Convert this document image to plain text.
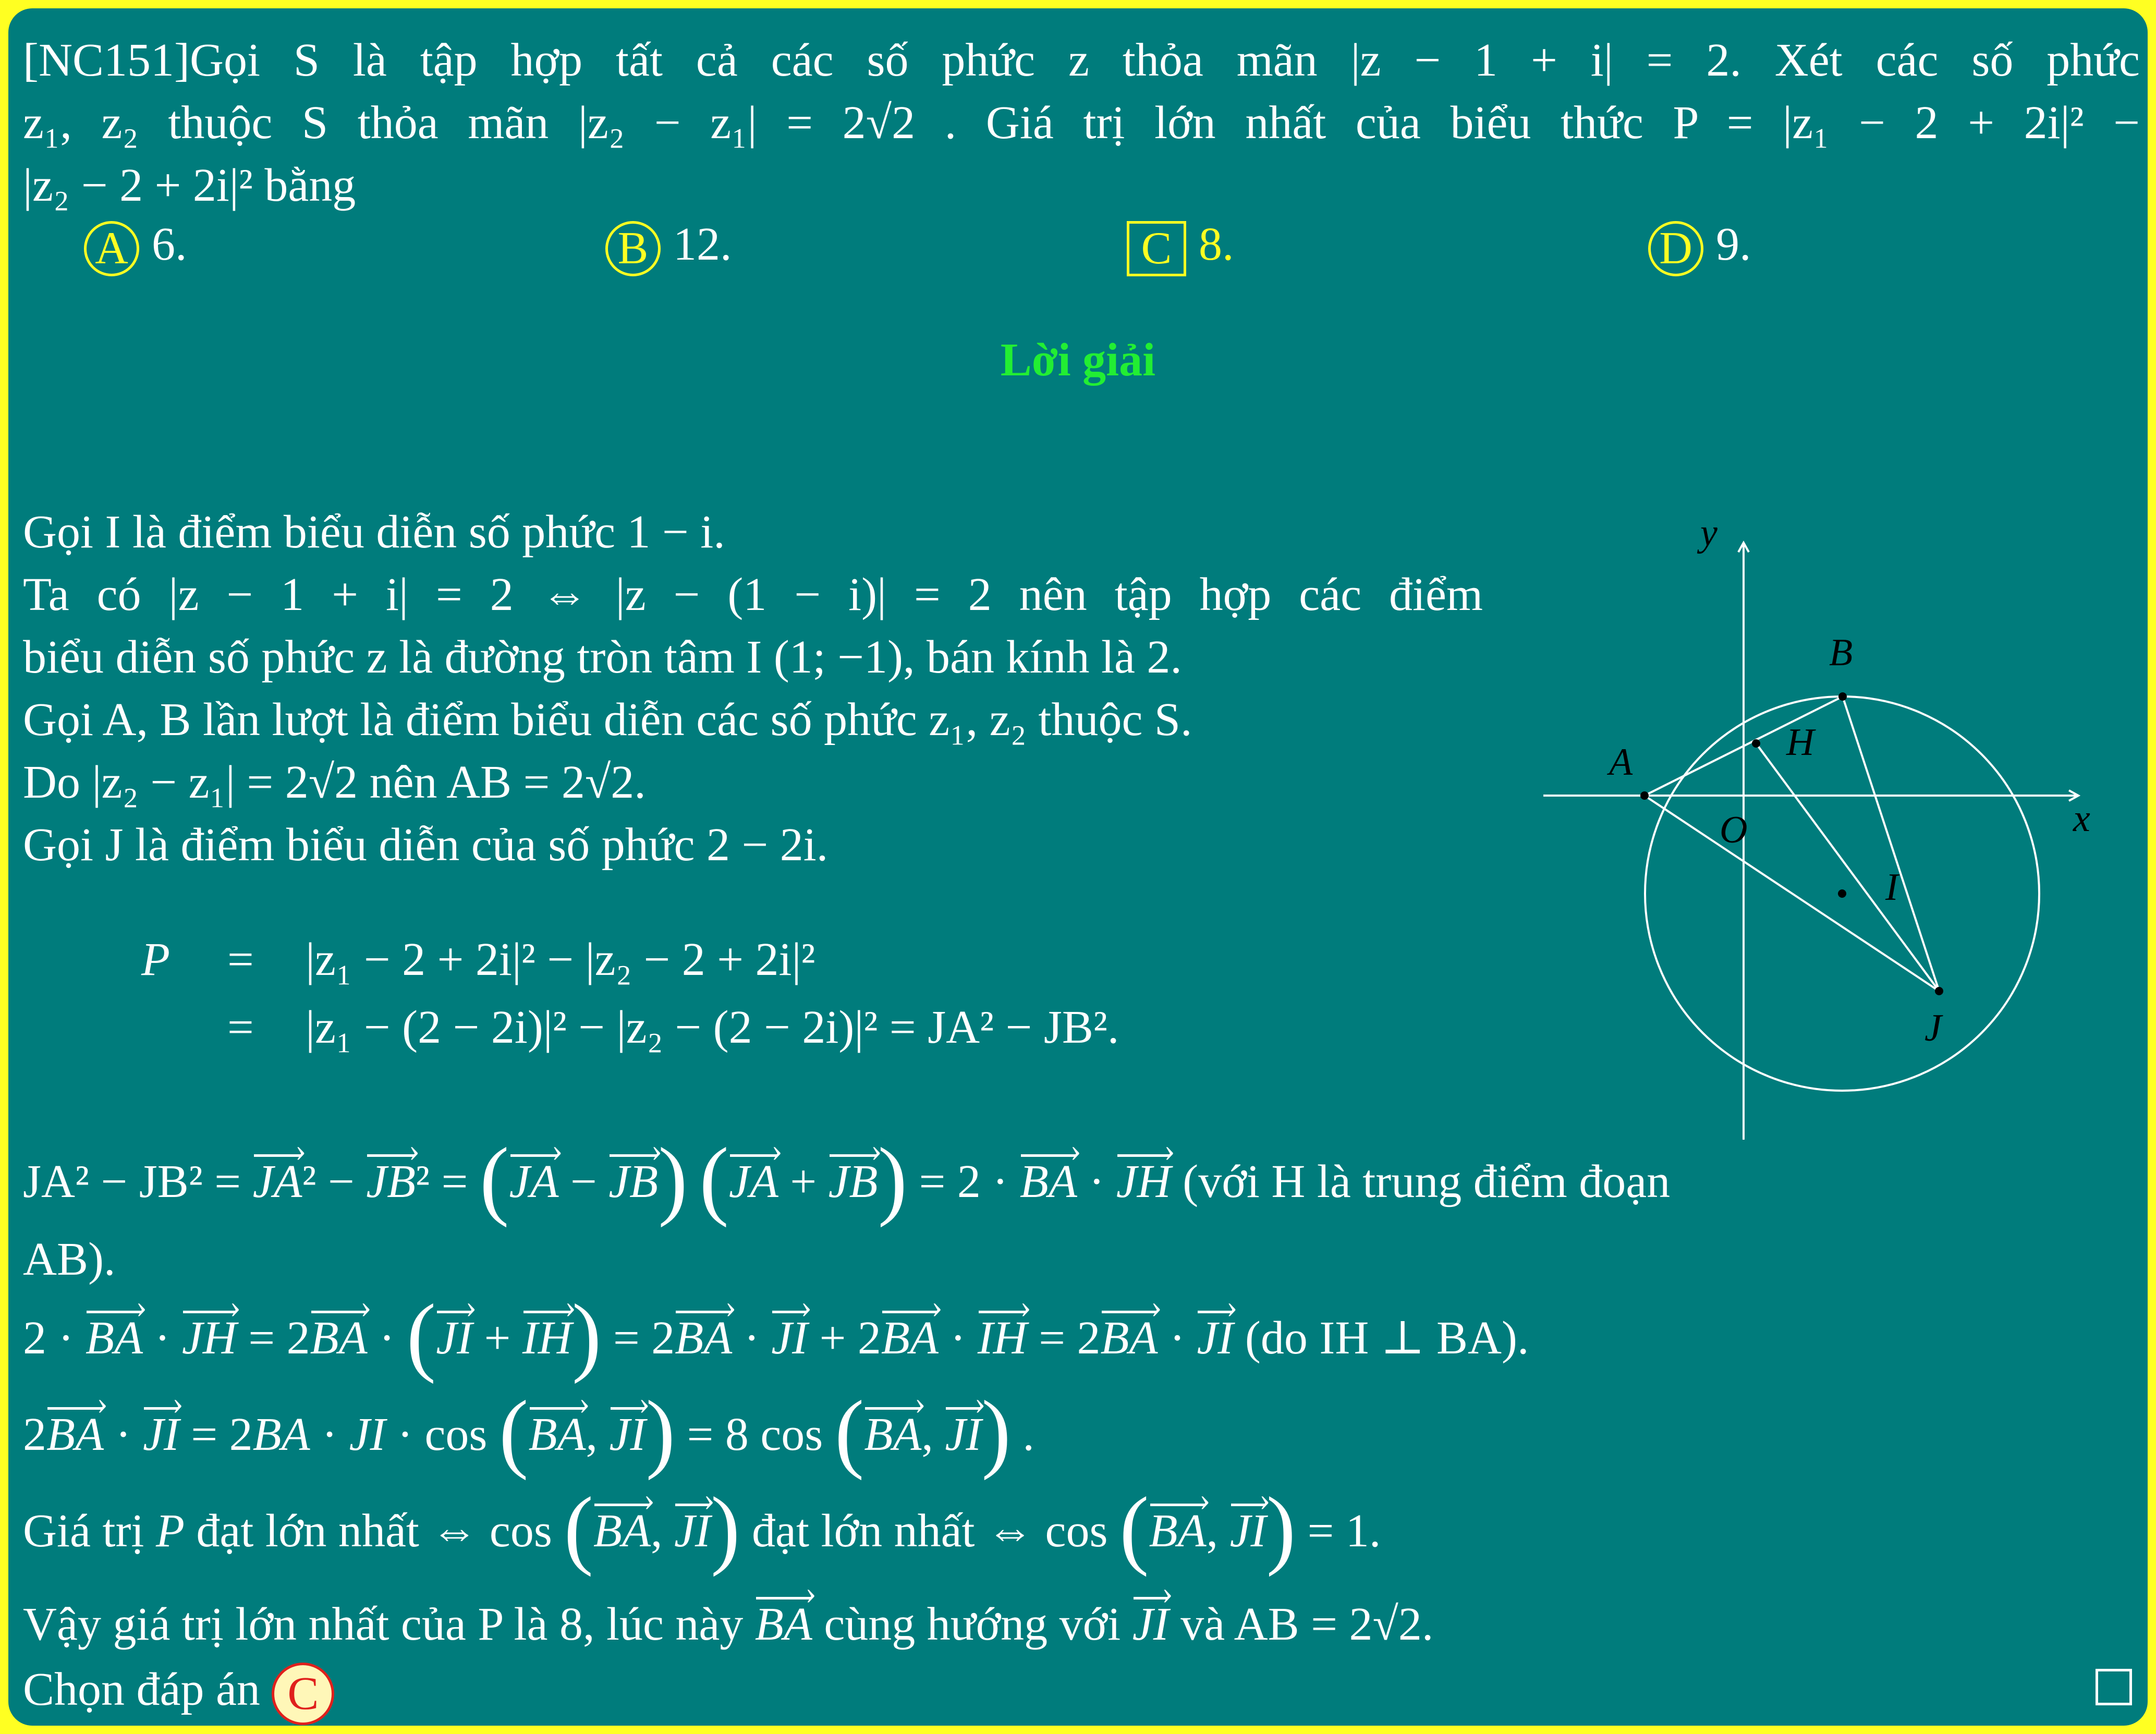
[NC151]Gọi S là tập hợp tất cả các số phức z thỏa mãn |z − 1 + i| = 2. Xét các số phức
z₁, z₂ thuộc S thỏa mãn |z₂ − z₁| = 2√2 . Giá trị lớn nhất của biểu thức P = |z₁ − 2 + 2i|² −
|z₂ − 2 + 2i|² bằng
A 6.	B 12.	C 8.	D 9.
Lời giải
Gọi I là điểm biểu diễn số phức 1 − i.
Ta có |z − 1 + i| = 2 ⇔ |z − (1 − i)| = 2 nên tập hợp các điểm
biểu diễn số phức z là đường tròn tâm I (1; −1), bán kính là 2.
Gọi A, B lần lượt là điểm biểu diễn các số phức z₁, z₂ thuộc S.
Do |z₂ − z₁| = 2√2 nên AB = 2√2.
Gọi J là điểm biểu diễn của số phức 2 − 2i.
P =
=
|z₁ − 2 + 2i|² − |z₂ − 2 + 2i|²
|z₁ − (2 − 2i)|² − |z₂ − (2 − 2i)|² = JA² − JB².
JA² − JB² = › JA² − › JB² = (› JA − › JB) (› JA + › JB) = 2 · › BA · › JH (với H là trung điểm đoạn
AB).
2 · › BA · › JH = 2› BA · (› JI + › IH) = 2› BA · › JI + 2› BA · › IH = 2› BA · › JI (do IH ⊥ BA).
2› BA · › JI = 2BA · JI · cos (› BA, › JI) = 8 cos (› BA, › JI) .
Giá trị P đạt lớn nhất ⇔ cos (› BA, › JI) đạt lớn nhất ⇔ cos (› BA, › JI) = 1.
Vậy giá trị lớn nhất của P là 8, lúc này › BA cùng hướng với › JI và AB = 2√2.
Chọn đáp án C
y
x
A
B
H
O
I
J
